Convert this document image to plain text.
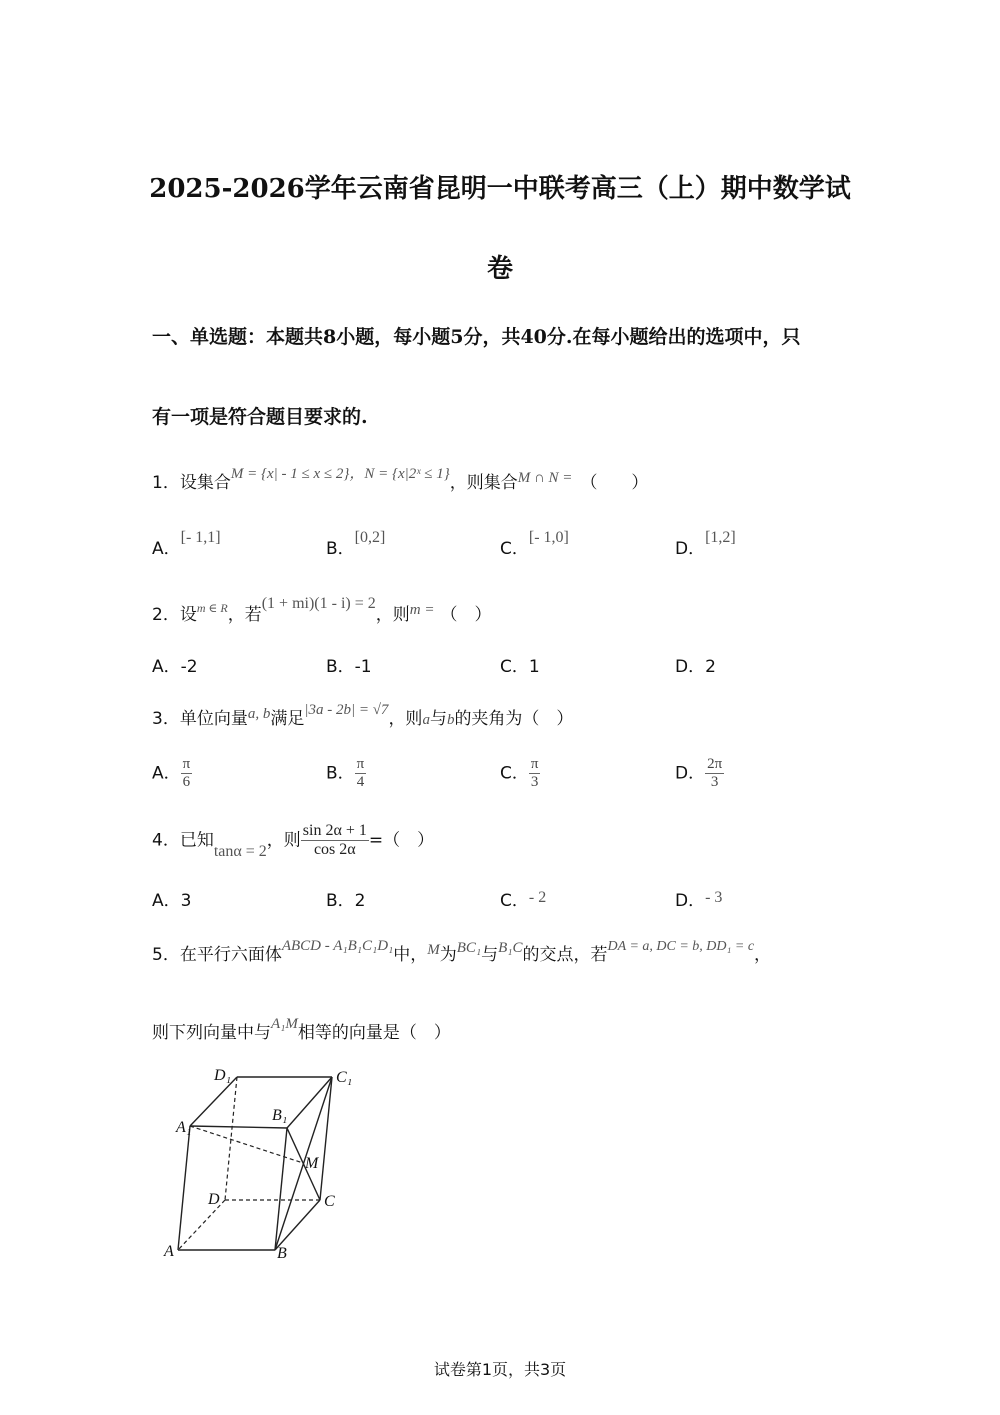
2025-2026学年云南省昆明一中联考高三（上）期中数学试
卷
一、单选题：本题共8小题，每小题5分，共40分.在每小题给出的选项中，只
有一项是符合题目要求的.
1．设集合M = {x| - 1 ≤ x ≤ 2}，N = {x|2ˣ ≤ 1}，则集合M ∩ N = （　　）
A．[- 1,1]
B．[0,2]
C．[- 1,0]
D．[1,2]
2．设$^{m \in R}$，若(1 + mi)(1 - i) = 2，则m = （　）
A．-2	B．-1	C．1	D．2
3．单位向量a, b满足|3a - 2b| = √7，则a与b的夹角为（　）
A． $\frac{\pi}{6}$	B． $\frac{\pi}{4}$	C． $\frac{\pi}{3}$	D． $\frac{2\pi}{3}$
4．已知tanα = 2，则 $\frac{\sin 2\alpha + 1}{\cos 2\alpha}$ =（　）
A．3	B．2	C．- 2	D．- 3
5．在平行六面体ABCD - A₁B₁C₁D₁中，M为BC₁与B₁C的交点，若$^{DA = a, DC = b, DD_1 = c}$，
则下列向量中与A₁M相等的向量是（　）
D₁	C₁
A₁
B₁
M
D	C
A	B
试卷第1页，共3页
